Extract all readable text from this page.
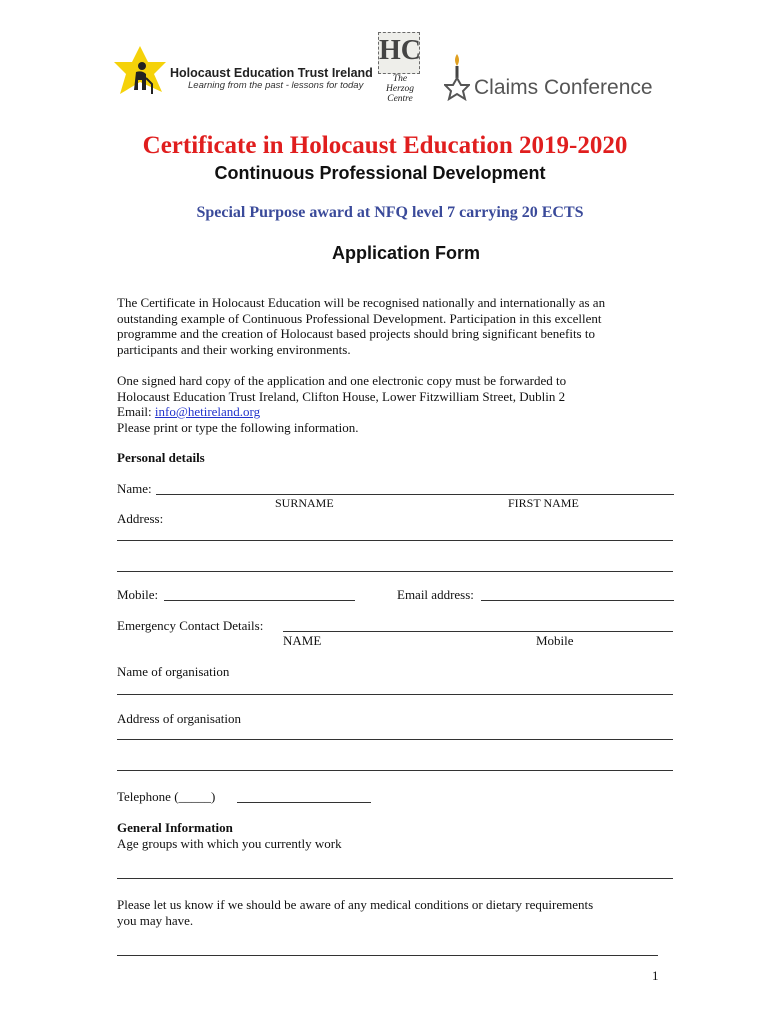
Holocaust Education Trust Ireland
Learning from the past - lessons for today
HC
The
Herzog
Centre	Claims Conference
Certificate in Holocaust Education 2019-2020
Continuous Professional Development
Special Purpose award at NFQ level 7 carrying 20 ECTS
Application Form
The Certificate in Holocaust Education will be recognised nationally and internationally as an
outstanding example of Continuous Professional Development. Participation in this excellent
programme and the creation of Holocaust based projects should bring significant benefits to
participants and their working environments.
One signed hard copy of the application and one electronic copy must be forwarded to
Holocaust Education Trust Ireland, Clifton House, Lower Fitzwilliam Street, Dublin 2
Email: info@hetireland.org
Please print or type the following information.
Personal details
Name:
SURNAME	FIRST NAME
Address:
Mobile:	Email address:
Emergency Contact Details:
NAME	Mobile
Name of organisation
Address of organisation
Telephone (_____)
General Information
Age groups with which you currently work
Please let us know if we should be aware of any medical conditions or dietary requirements
you may have.
1
